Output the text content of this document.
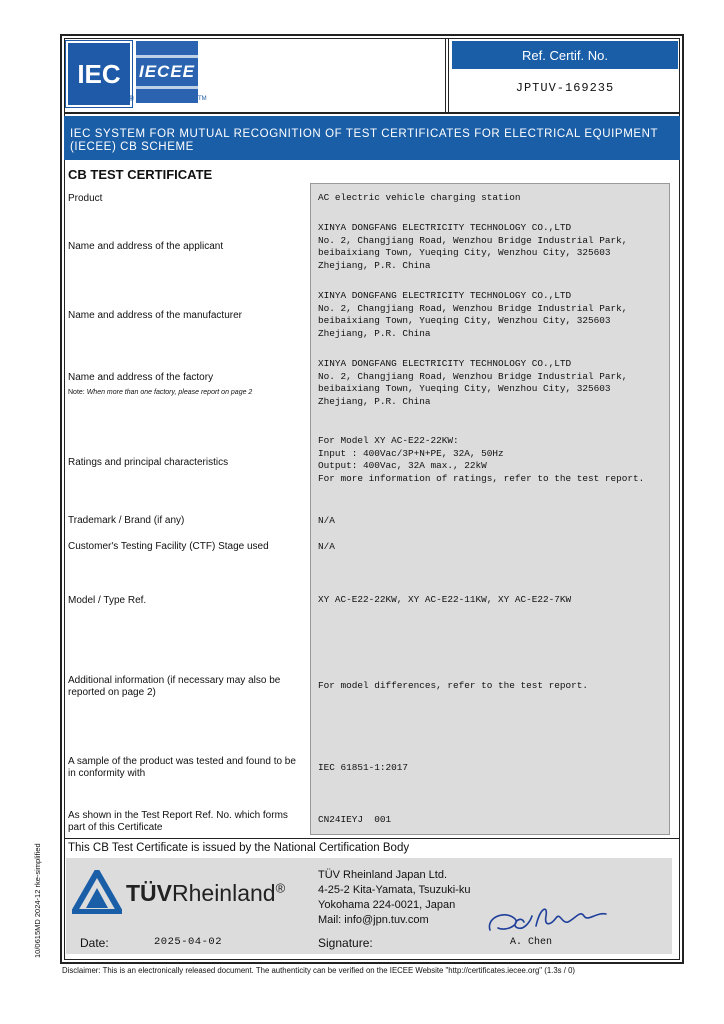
IEC
®
IECEE
TM
Ref. Certif. No.
JPTUV-169235
IEC SYSTEM FOR MUTUAL RECOGNITION OF TEST CERTIFICATES FOR ELECTRICAL EQUIPMENT (IECEE) CB SCHEME
CB TEST CERTIFICATE
Product	AC electric vehicle charging station
Name and address of the applicant
XINYA DONGFANG ELECTRICITY TECHNOLOGY CO.,LTD
No. 2, Changjiang Road, Wenzhou Bridge Industrial Park,
beibaixiang Town, Yueqing City, Wenzhou City, 325603
Zhejiang, P.R. China
Name and address of the manufacturer
XINYA DONGFANG ELECTRICITY TECHNOLOGY CO.,LTD
No. 2, Changjiang Road, Wenzhou Bridge Industrial Park,
beibaixiang Town, Yueqing City, Wenzhou City, 325603
Zhejiang, P.R. China
Name and address of the factory
Note: When more than one factory, please report on page 2
XINYA DONGFANG ELECTRICITY TECHNOLOGY CO.,LTD
No. 2, Changjiang Road, Wenzhou Bridge Industrial Park,
beibaixiang Town, Yueqing City, Wenzhou City, 325603
Zhejiang, P.R. China
Ratings and principal characteristics
For Model XY AC-E22-22KW:
Input : 400Vac/3P+N+PE, 32A, 50Hz
Output: 400Vac, 32A max., 22kW
For more information of ratings, refer to the test report.
Trademark / Brand (if any)	N/A
Customer's Testing Facility (CTF) Stage used	N/A
Model / Type Ref.	XY AC-E22-22KW, XY AC-E22-11KW, XY AC-E22-7KW
Additional information (if necessary may also be reported on page 2)
For model differences, refer to the test report.
A sample of the product was tested and found to be in conformity with
IEC 61851-1:2017
As shown in the Test Report Ref. No. which forms part of this Certificate
CN24IEYJ  001
This CB Test Certificate is issued by the National Certification Body
TÜVRheinland®
TÜV Rheinland Japan Ltd.
4-25-2 Kita-Yamata, Tsuzuki-ku
Yokohama 224-0021, Japan
Mail: info@jpn.tuv.com
Date:	2025-04-02	Signature:	A. Chen
10/0615MD 2024-12 rke-simplified
Disclaimer: This is an electronically released document. The authenticity can be verified on the IECEE Website "http://certificates.iecee.org" (1.3s / 0)
